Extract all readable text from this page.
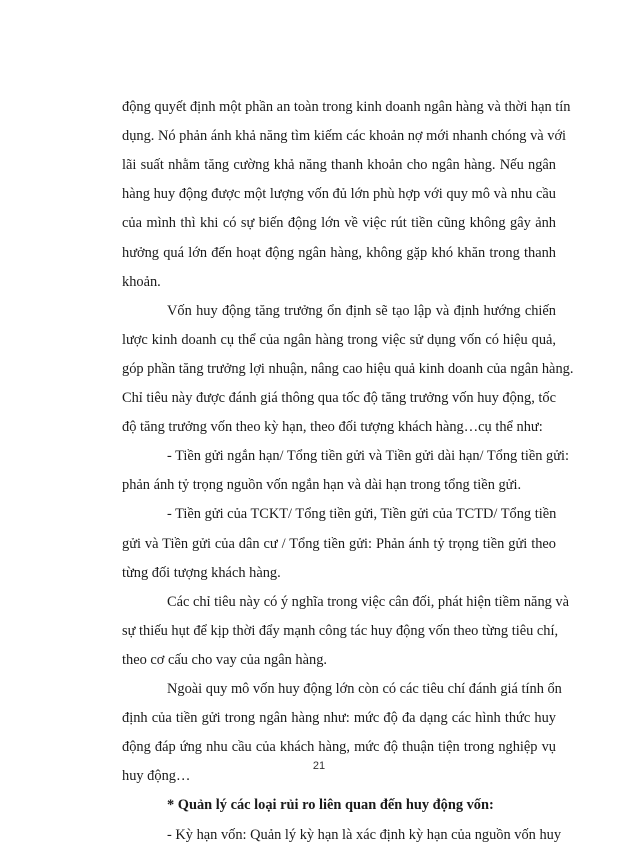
động quyết định một phần an toàn trong kinh doanh ngân hàng và thời hạn tín
dụng. Nó phản ánh khả năng tìm kiếm các khoản nợ mới nhanh chóng và với
lãi suất nhằm tăng cường khả năng thanh khoản cho ngân hàng. Nếu ngân
hàng huy động được một lượng vốn đủ lớn phù hợp với quy mô và nhu cầu
của mình thì khi có sự biến động lớn về việc rút tiền cũng không gây ảnh
hưởng quá lớn đến hoạt động ngân hàng, không gặp khó khăn trong thanh
khoản.
Vốn huy động tăng trưởng ổn định sẽ tạo lập và định hướng chiến
lược kinh doanh cụ thể của ngân hàng trong việc sử dụng vốn có hiệu quả,
góp phần tăng trưởng lợi nhuận, nâng cao hiệu quả kinh doanh của ngân hàng.
Chỉ tiêu này được đánh giá thông qua tốc độ tăng trưởng vốn huy động, tốc
độ tăng trưởng vốn theo kỳ hạn, theo đối tượng khách hàng…cụ thể như:
- Tiền gửi ngắn hạn/ Tổng tiền gửi và Tiền gửi dài hạn/ Tổng tiền gửi:
phản ánh tỷ trọng nguồn vốn ngắn hạn và dài hạn trong tổng tiền gửi.
- Tiền gửi của TCKT/ Tổng tiền gửi, Tiền gửi của TCTD/ Tổng tiền
gửi và Tiền gửi của dân cư / Tổng tiền gửi: Phản ánh tỷ trọng tiền gửi theo
từng đối tượng khách hàng.
Các chỉ tiêu này có ý nghĩa trong việc cân đối, phát hiện tiềm năng và
sự thiếu hụt để kịp thời đẩy mạnh công tác huy động vốn theo từng tiêu chí,
theo cơ cấu cho vay của ngân hàng.
Ngoài quy mô vốn huy động lớn còn có các tiêu chí đánh giá tính ổn
định của tiền gửi trong ngân hàng như: mức độ đa dạng các hình thức huy
động đáp ứng nhu cầu của khách hàng, mức độ thuận tiện trong nghiệp vụ
huy động…
* Quản lý các loại rủi ro liên quan đến huy động vốn:
- Kỳ hạn vốn: Quản lý kỳ hạn là xác định kỳ hạn của nguồn vốn huy
21
